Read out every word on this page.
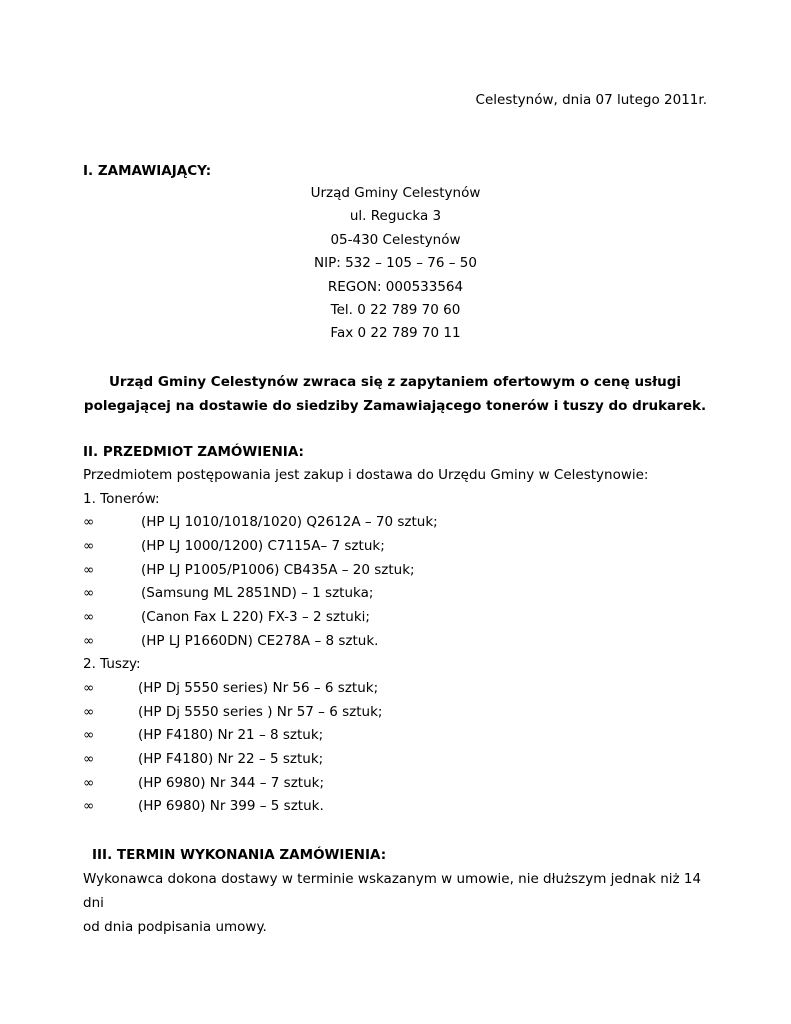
Celestynów, dnia 07 lutego 2011r.
I. ZAMAWIAJĄCY:
Urząd Gminy Celestynów
ul. Regucka 3
05-430 Celestynów
NIP: 532 – 105 – 76 – 50
REGON: 000533564
Tel. 0 22 789 70 60
Fax 0 22 789 70 11
Urząd Gminy Celestynów zwraca się z zapytaniem ofertowym o cenę usługi
polegającej na dostawie do siedziby Zamawiającego tonerów i tuszy do drukarek.
II. PRZEDMIOT ZAMÓWIENIA:
Przedmiotem postępowania jest zakup i dostawa do Urzędu Gminy w Celestynowie:
1. Tonerów:
∞	(HP LJ 1010/1018/1020) Q2612A – 70 sztuk;
∞	(HP LJ 1000/1200) C7115A– 7 sztuk;
∞	(HP LJ P1005/P1006) CB435A – 20 sztuk;
∞	(Samsung ML 2851ND) – 1 sztuka;
∞	(Canon Fax L 220) FX-3 – 2 sztuki;
∞	(HP LJ P1660DN) CE278A – 8 sztuk.
2. Tuszy:
∞	(HP Dj 5550 series) Nr 56 – 6 sztuk;
∞	(HP Dj 5550 series ) Nr 57 – 6 sztuk;
∞	(HP F4180) Nr 21 – 8 sztuk;
∞	(HP F4180) Nr 22 – 5 sztuk;
∞	(HP 6980) Nr 344 – 7 sztuk;
∞	(HP 6980) Nr 399 – 5 sztuk.
III. TERMIN WYKONANIA ZAMÓWIENIA:
Wykonawca dokona dostawy w terminie wskazanym w umowie, nie dłuższym jednak niż 14 dni
od dnia podpisania umowy.
